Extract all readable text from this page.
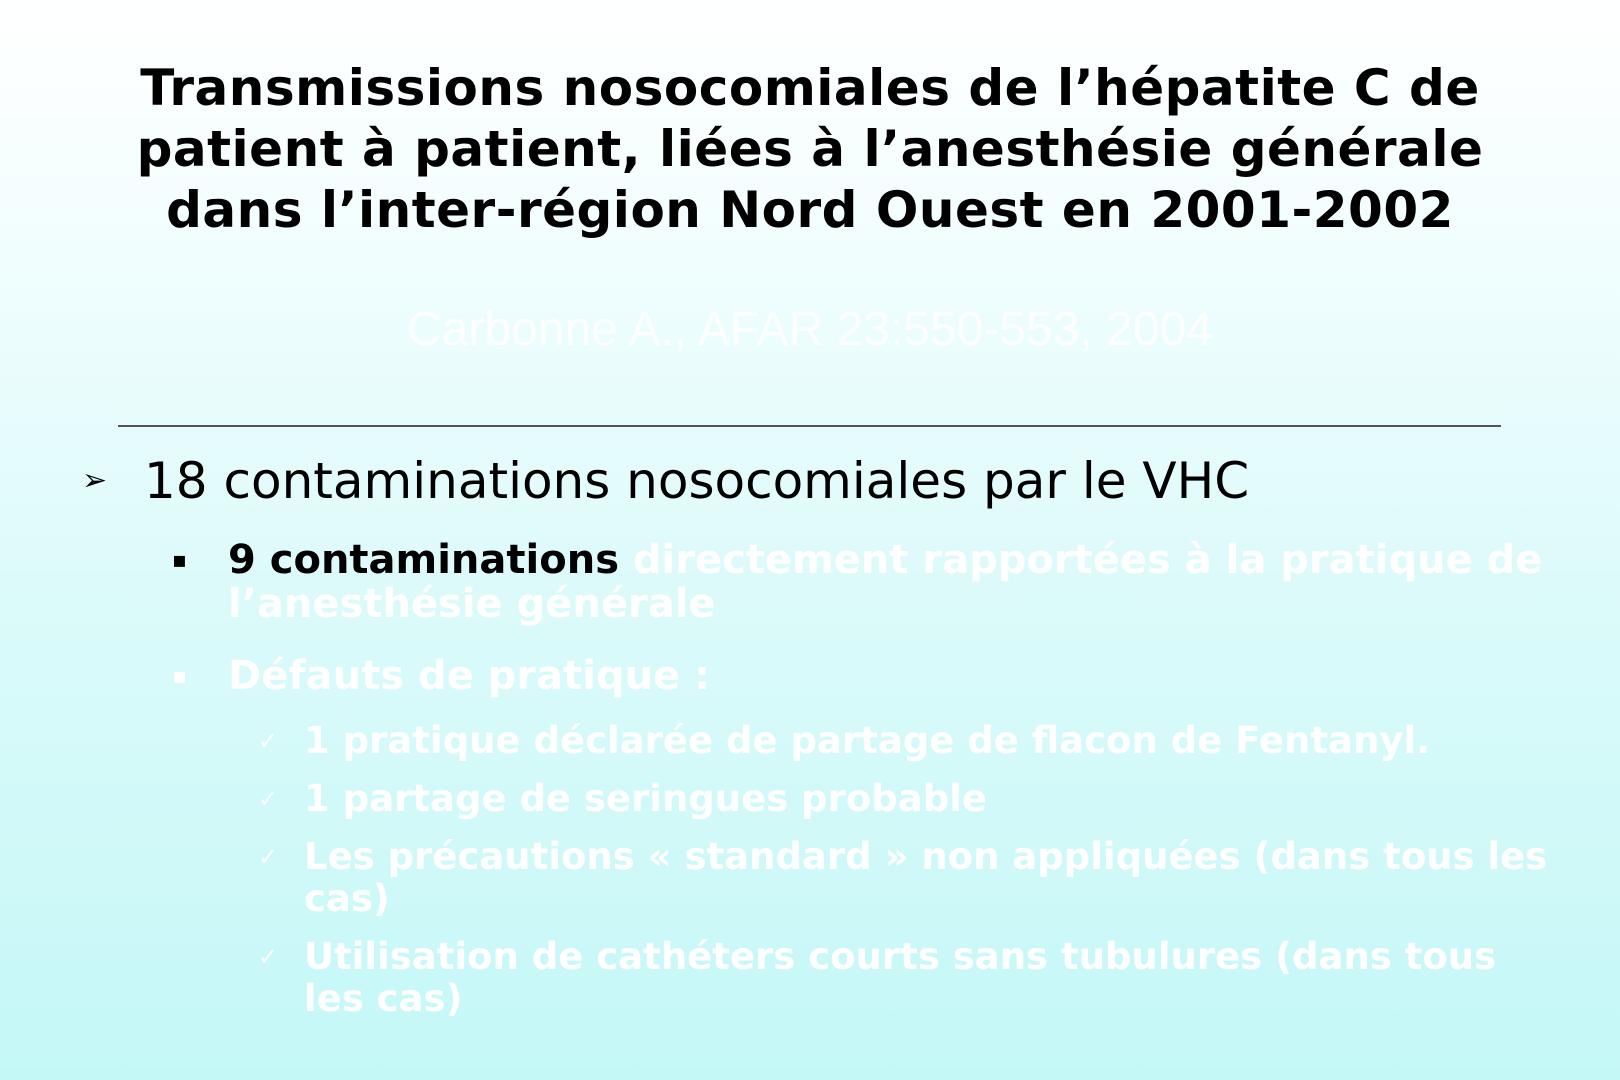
Transmissions nosocomiales de l’hépatite C de
patient à patient, liées à l’anesthésie générale
dans l’inter-région Nord Ouest en 2001-2002
Carbonne A., AFAR 23:550-553, 2004
➢ 18 contaminations nosocomiales par le VHC
▪	9 contaminations directement rapportées à la pratique de l’anesthésie générale
▪	Défauts de pratique :
✓ 1 pratique déclarée de partage de flacon de Fentanyl.
✓ 1 partage de seringues probable
✓ Les précautions « standard » non appliquées (dans tous les cas)
✓ Utilisation de cathéters courts sans tubulures (dans tous les cas)
